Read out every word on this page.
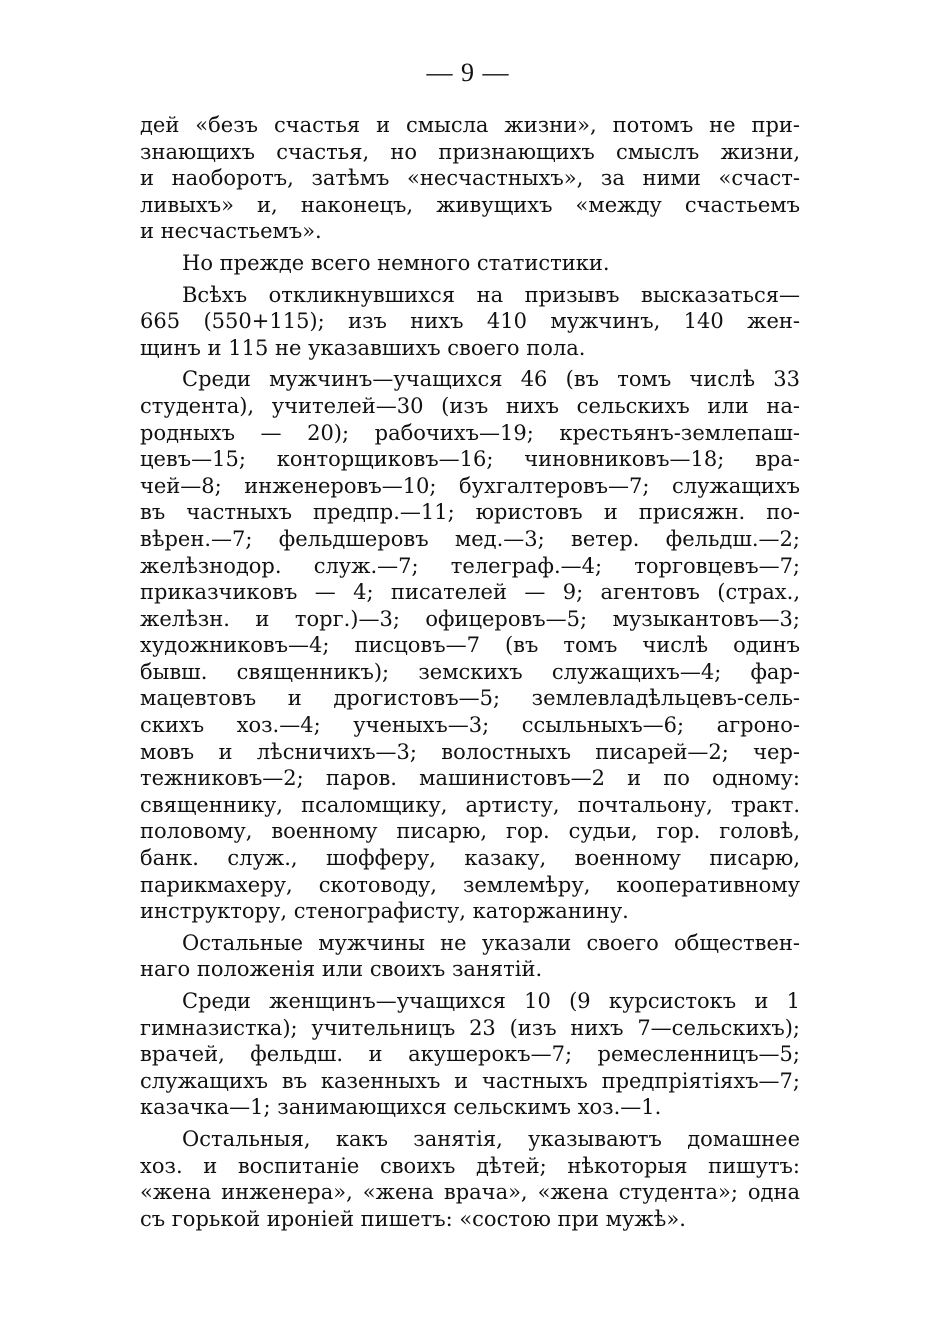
— 9 —
дей «безъ счастья и смысла жизни», потомъ не при-
знающихъ счастья, но признающихъ смыслъ жизни,
и наоборотъ, затѣмъ «несчастныхъ», за ними «счаст-
ливыхъ» и, наконецъ, живущихъ «между счастьемъ
и несчастьемъ».
Но прежде всего немного статистики.
Всѣхъ откликнувшихся на призывъ высказаться—
665 (550+115); изъ нихъ 410 мужчинъ, 140 жен-
щинъ и 115 не указавшихъ своего пола.
Среди мужчинъ—учащихся 46 (въ томъ числѣ 33
студента), учителей—30 (изъ нихъ сельскихъ или на-
родныхъ — 20); рабочихъ—19; крестьянъ-землепаш-
цевъ—15; конторщиковъ—16; чиновниковъ—18; вра-
чей—8; инженеровъ—10; бухгалтеровъ—7; служащихъ
въ частныхъ предпр.—11; юристовъ и присяжн. по-
вѣрен.—7; фельдшеровъ мед.—3; ветер. фельдш.—2;
желѣзнодор. служ.—7; телеграф.—4; торговцевъ—7;
приказчиковъ — 4; писателей — 9; агентовъ (страх.,
желѣзн. и торг.)—3; офицеровъ—5; музыкантовъ—3;
художниковъ—4; писцовъ—7 (въ томъ числѣ одинъ
бывш. священникъ); земскихъ служащихъ—4; фар-
мацевтовъ и дрогистовъ—5; землевладѣльцевъ-сель-
скихъ хоз.—4; ученыхъ—3; ссыльныхъ—6; агроно-
мовъ и лѣсничихъ—3; волостныхъ писарей—2; чер-
тежниковъ—2; паров. машинистовъ—2 и по одному:
священнику, псаломщику, артисту, почтальону, тракт.
половому, военному писарю, гор. судьи, гор. головѣ,
банк. служ., шофферу, казаку, военному писарю,
парикмахеру, скотоводу, землемѣру, кооперативному
инструктору, стенографисту, каторжанину.
Остальные мужчины не указали своего обществен-
наго положенія или своихъ занятій.
Среди женщинъ—учащихся 10 (9 курсистокъ и 1
гимназистка); учительницъ 23 (изъ нихъ 7—сельскихъ);
врачей, фельдш. и акушерокъ—7; ремесленницъ—5;
служащихъ въ казенныхъ и частныхъ предпріятіяхъ—7;
казачка—1; занимающихся сельскимъ хоз.—1.
Остальныя, какъ занятія, указываютъ домашнее
хоз. и воспитаніе своихъ дѣтей; нѣкоторыя пишутъ:
«жена инженера», «жена врача», «жена студента»; одна
съ горькой ироніей пишетъ: «состою при мужѣ».
